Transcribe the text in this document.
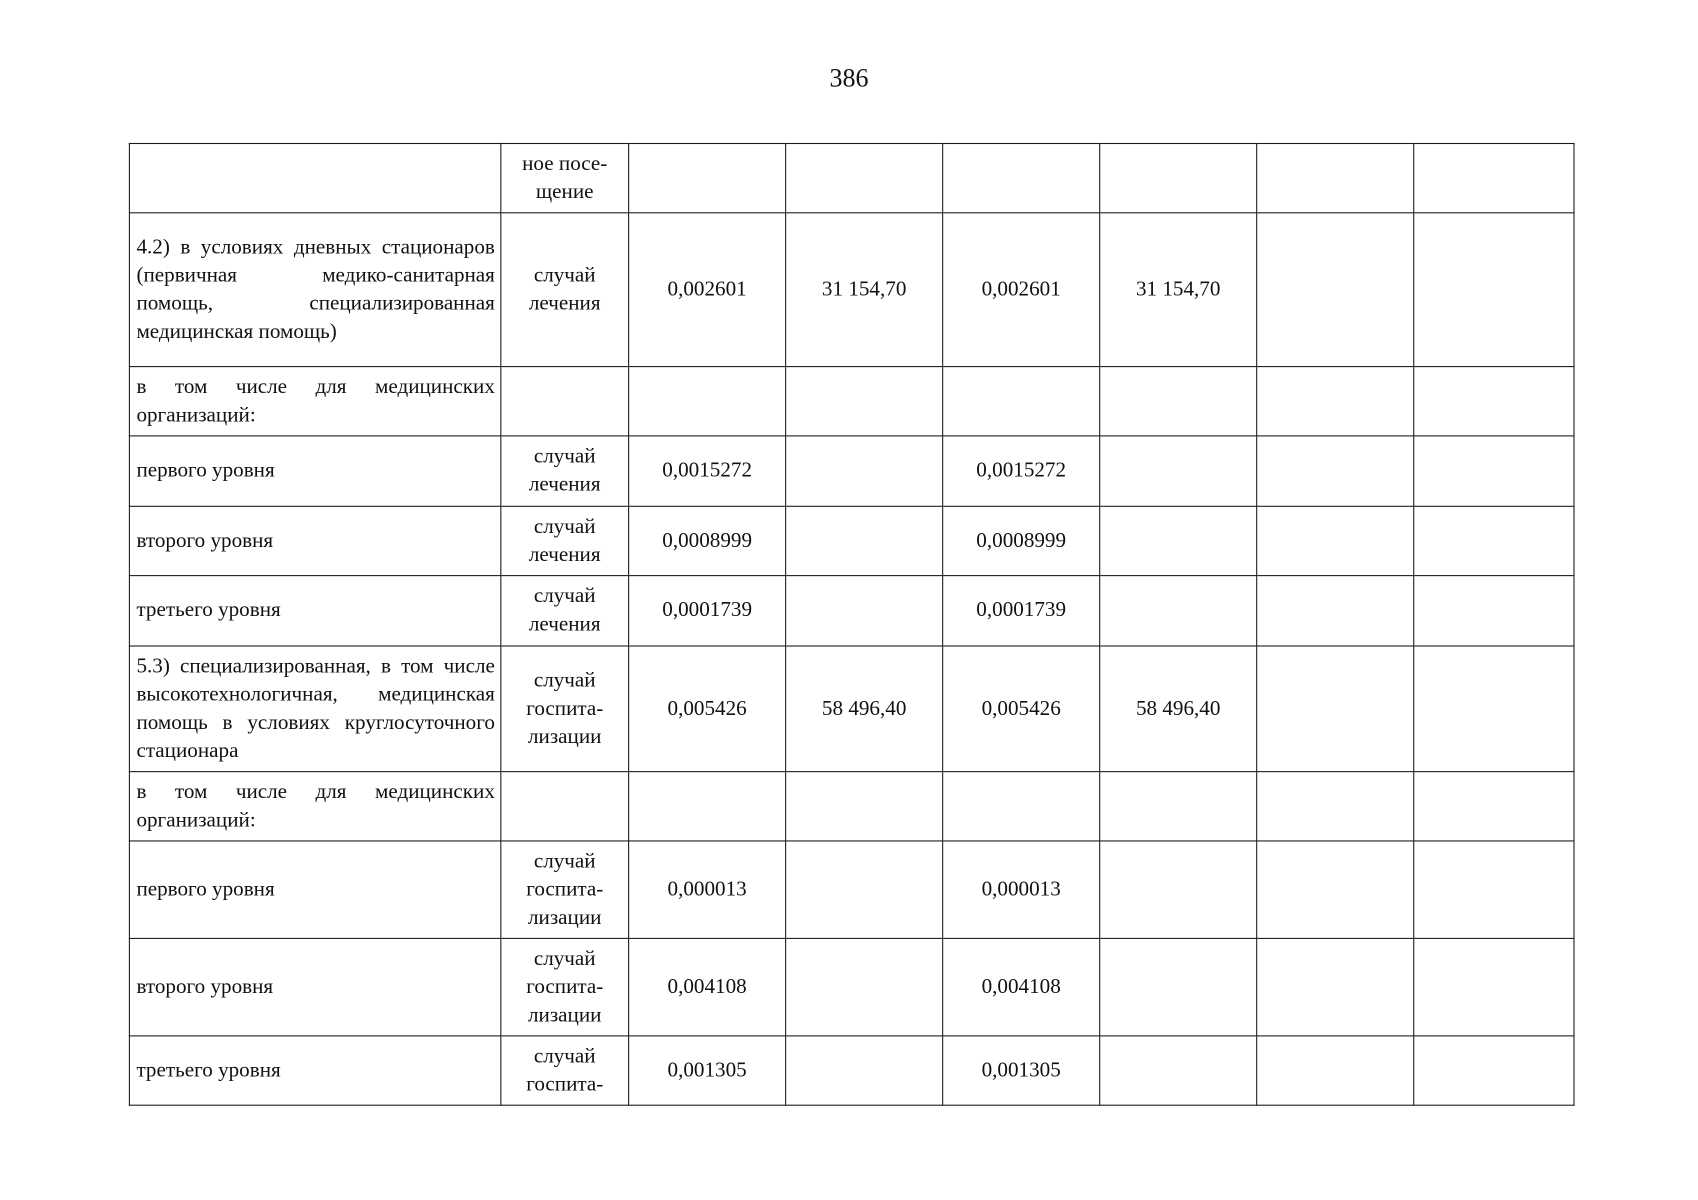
386

	ное посе-
щение						

4.2) в условиях дневных стационаров (первичная медико-санитарная помощь, специализированная медицинская помощь)	случай
лечения	0,002601	31 154,70	0,002601	31 154,70		
в том числе для медицинских организаций:							
первого уровня	случай
лечения	0,0015272		0,0015272			
второго уровня	случай
лечения	0,0008999		0,0008999			
третьего уровня	случай
лечения	0,0001739		0,0001739			
5.3) специализированная, в том числе высокотехнологичная, медицинская помощь в условиях круглосуточного стационара	случай
госпита-
лизации	0,005426	58 496,40	0,005426	58 496,40		
в том числе для медицинских организаций:							
первого уровня	случай
госпита-
лизации	0,000013		0,000013			
второго уровня	случай
госпита-
лизации	0,004108		0,004108			
третьего уровня	случай
госпита-	0,001305		0,001305			
